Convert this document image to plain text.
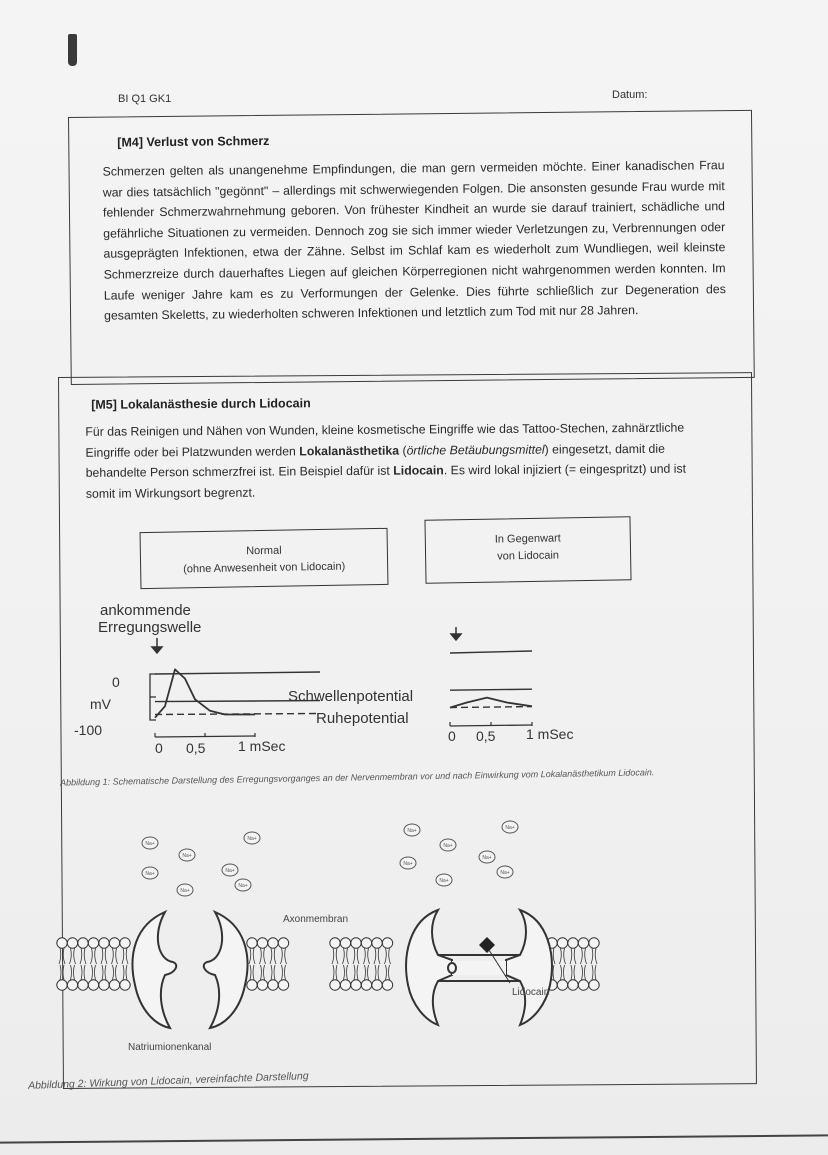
BI Q1 GK1	Datum:
[M4] Verlust von Schmerz
Schmerzen gelten als unangenehme Empfindungen, die man gern vermeiden möchte. Einer kanadischen Frau war dies tatsächlich "gegönnt" – allerdings mit schwerwiegenden Folgen. Die ansonsten gesunde Frau wurde mit fehlender Schmerzwahrnehmung geboren. Von frühester Kindheit an wurde sie darauf trainiert, schädliche und gefährliche Situationen zu vermeiden. Dennoch zog sie sich immer wieder Verletzungen zu, Verbrennungen oder ausgeprägten Infektionen, etwa der Zähne. Selbst im Schlaf kam es wiederholt zum Wundliegen, weil kleinste Schmerzreize durch dauerhaftes Liegen auf gleichen Körperregionen nicht wahrgenommen werden konnten. Im Laufe weniger Jahre kam es zu Verformungen der Gelenke. Dies führte schließlich zur Degeneration des gesamten Skeletts, zu wiederholten schweren Infektionen und letztlich zum Tod mit nur 28 Jahren.
[M5] Lokalanästhesie durch Lidocain
Für das Reinigen und Nähen von Wunden, kleine kosmetische Eingriffe wie das Tattoo-Stechen, zahnärztliche Eingriffe oder bei Platzwunden werden Lokalanästhetika (örtliche Betäubungsmittel) eingesetzt, damit die behandelte Person schmerzfrei ist. Ein Beispiel dafür ist Lidocain. Es wird lokal injiziert (= eingespritzt) und ist somit im Wirkungsort begrenzt.
Normal
(ohne Anwesenheit von Lidocain)
In Gegenwart
von Lidocain
ankommende
Erregungswelle
0
mV
-100
Schwellenpotential
Ruhepotential
0 0,5 1 mSec
0 0,5 1 mSec
Abbildung 1: Schematische Darstellung des Erregungsvorganges an der Nervenmembran vor und nach Einwirkung vom Lokalanästhetikum Lidocain.
Na+
Na+
Na+
Na+
Na+
Na+
Na+
Na+
Na+
Na+
Na+
Na+
Na+
Na+
Axonmembran
Lidocain
Natriumionenkanal
Abbildung 2: Wirkung von Lidocain, vereinfachte Darstellung
